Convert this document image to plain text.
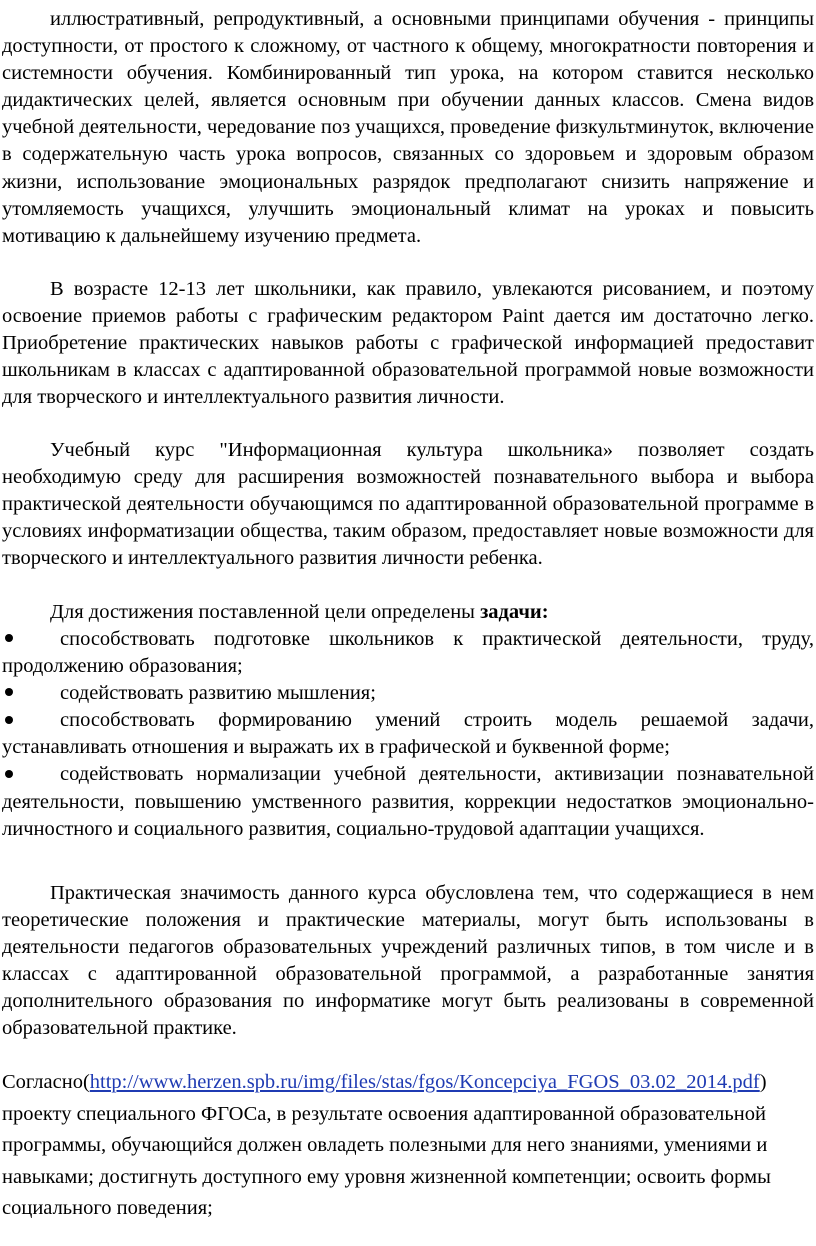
иллюстративный, репродуктивный, а основными принципами обучения - принципы доступности, от простого к сложному, от частного к общему, многократности повторения и системности обучения. Комбинированный тип урока, на котором ставится несколько дидактических целей, является основным при обучении данных классов. Смена видов учебной деятельности, чередование поз учащихся, проведение физкультминуток, включение в содержательную часть урока вопросов, связанных со здоровьем и здоровым образом жизни, использование эмоциональных разрядок предполагают снизить напряжение и утомляемость учащихся, улучшить эмоциональный климат на уроках и повысить мотивацию к дальнейшему изучению предмета.

В возрасте 12-13 лет школьники, как правило, увлекаются рисованием, и поэтому освоение приемов работы с графическим редактором Paint дается им достаточно легко. Приобретение практических навыков работы с графической информацией предоставит школьникам в классах с адаптированной образовательной программой новые возможности для творческого и интеллектуального развития личности.

Учебный курс "Информационная культура школьника» позволяет создать необходимую среду для расширения возможностей познавательного выбора и выбора практической деятельности обучающимся по адаптированной образовательной программе в условиях информатизации общества, таким образом, предоставляет новые возможности для творческого и интеллектуального развития личности ребенка.

Для достижения поставленной цели определены задачи:

способствовать подготовке школьников к практической деятельности, труду, продолжению образования;

содействовать развитию мышления;

способствовать формированию умений строить модель решаемой задачи, устанавливать отношения и выражать их в графической и буквенной форме;

содействовать нормализации учебной деятельности, активизации познавательной деятельности, повышению умственного развития, коррекции недостатков эмоционально-личностного и социального развития, социально-трудовой адаптации учащихся.

Практическая значимость данного курса обусловлена тем, что содержащиеся в нем теоретические положения и практические материалы, могут быть использованы в деятельности педагогов образовательных учреждений различных типов, в том числе и в классах с адаптированной образовательной программой, а разработанные занятия дополнительного образования по информатике могут быть реализованы в современной образовательной практике.

Согласно(http://www.herzen.spb.ru/img/files/stas/fgos/Koncepciya_FGOS_03.02_2014.pdf) проекту специального ФГОСа, в результате освоения адаптированной образовательной программы, обучающийся должен овладеть полезными для него знаниями, умениями и навыками; достигнуть доступного ему уровня жизненной компетенции; освоить формы социального поведения;
